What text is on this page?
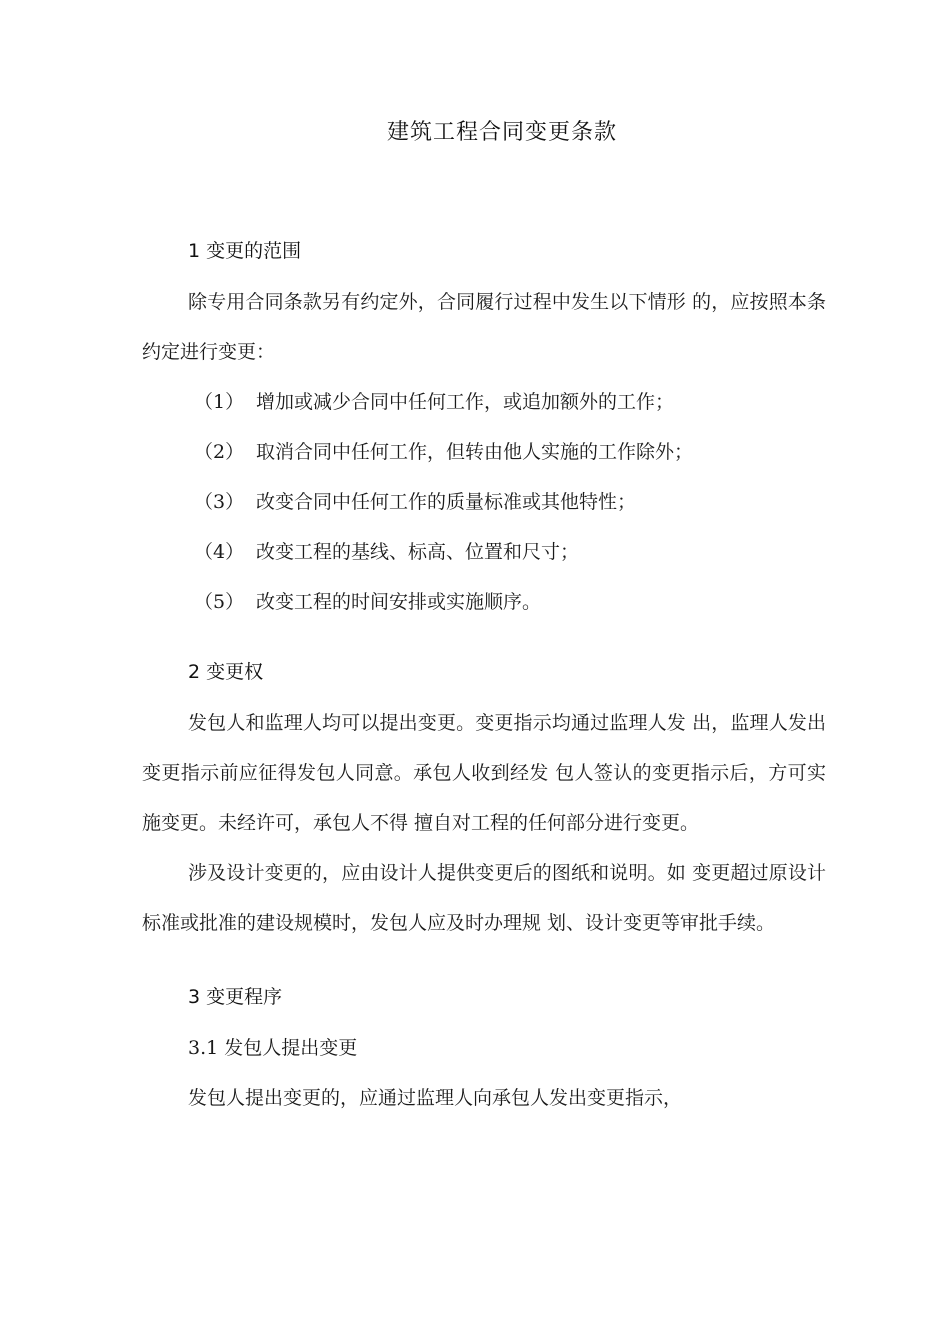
建筑工程合同变更条款
1 变更的范围

除专用合同条款另有约定外，合同履行过程中发生以下情形 的，应按照本条约定进行变更：

（1） 增加或减少合同中任何工作，或追加额外的工作；
（2） 取消合同中任何工作，但转由他人实施的工作除外；
（3） 改变合同中任何工作的质量标准或其他特性；
（4） 改变工程的基线、标高、位置和尺寸；
（5） 改变工程的时间安排或实施顺序。
2 变更权

发包人和监理人均可以提出变更。变更指示均通过监理人发 出，监理人发出变更指示前应征得发包人同意。承包人收到经发 包人签认的变更指示后，方可实施变更。未经许可，承包人不得 擅自对工程的任何部分进行变更。

涉及设计变更的，应由设计人提供变更后的图纸和说明。如 变更超过原设计标准或批准的建设规模时，发包人应及时办理规 划、设计变更等审批手续。

3 变更程序
3.1 发包人提出变更

发包人提出变更的，应通过监理人向承包人发出变更指示，
